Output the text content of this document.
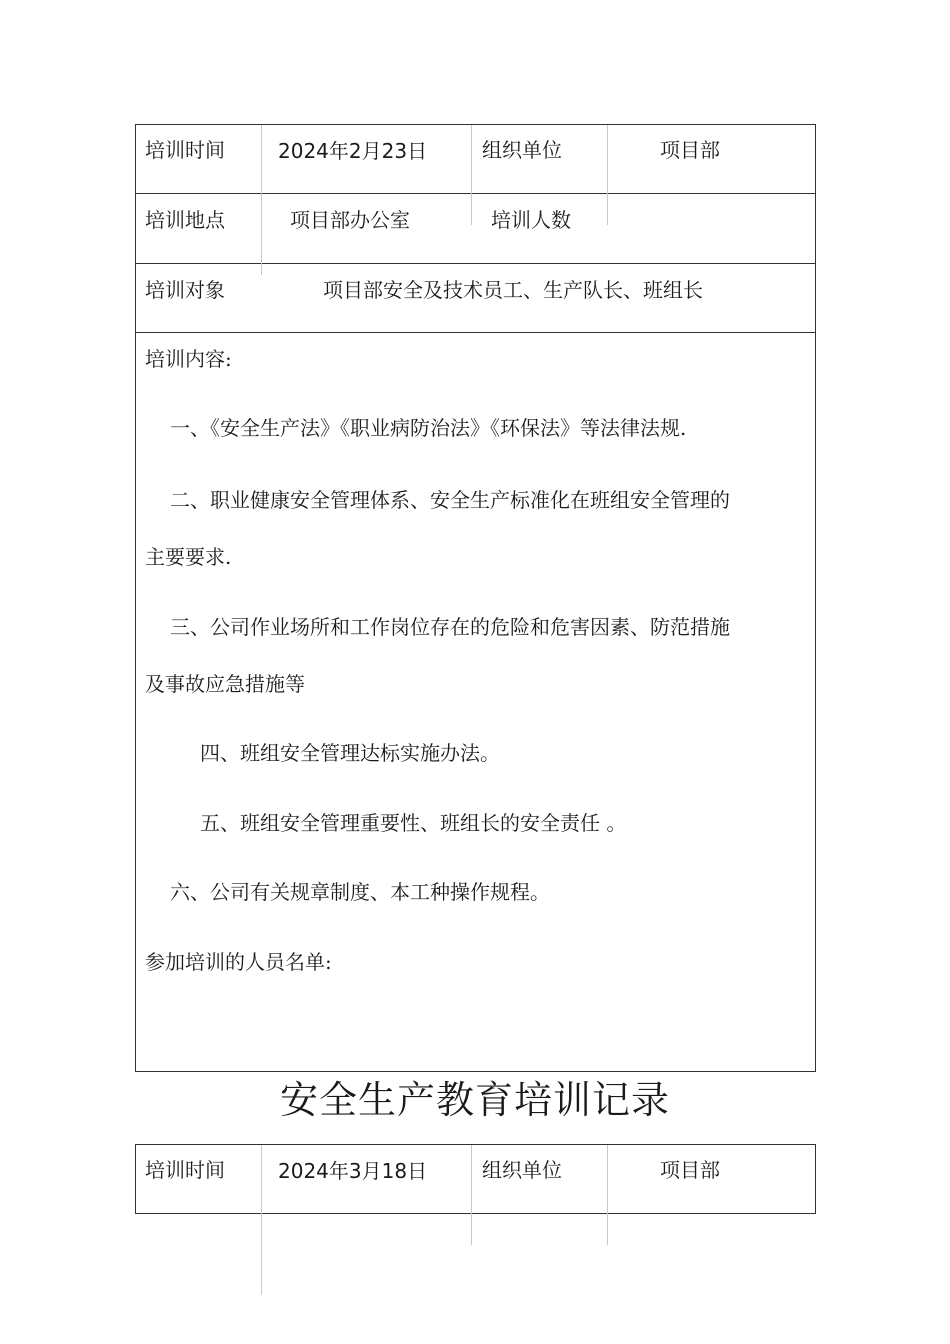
培训时间	2024年2月23日	组织单位	项目部
培训地点	项目部办公室	培训人数
培训对象	项目部安全及技术员工、生产队长、班组长
培训内容:
一、《安全生产法》《职业病防治法》《环保法》等法律法规.
二、职业健康安全管理体系、安全生产标准化在班组安全管理的
主要要求.
三、公司作业场所和工作岗位存在的危险和危害因素、防范措施
及事故应急措施等
四、班组安全管理达标实施办法。
五、班组安全管理重要性、班组长的安全责任 。
六、公司有关规章制度、本工种操作规程。
参加培训的人员名单:
安全生产教育培训记录
培训时间	2024年3月18日	组织单位	项目部
